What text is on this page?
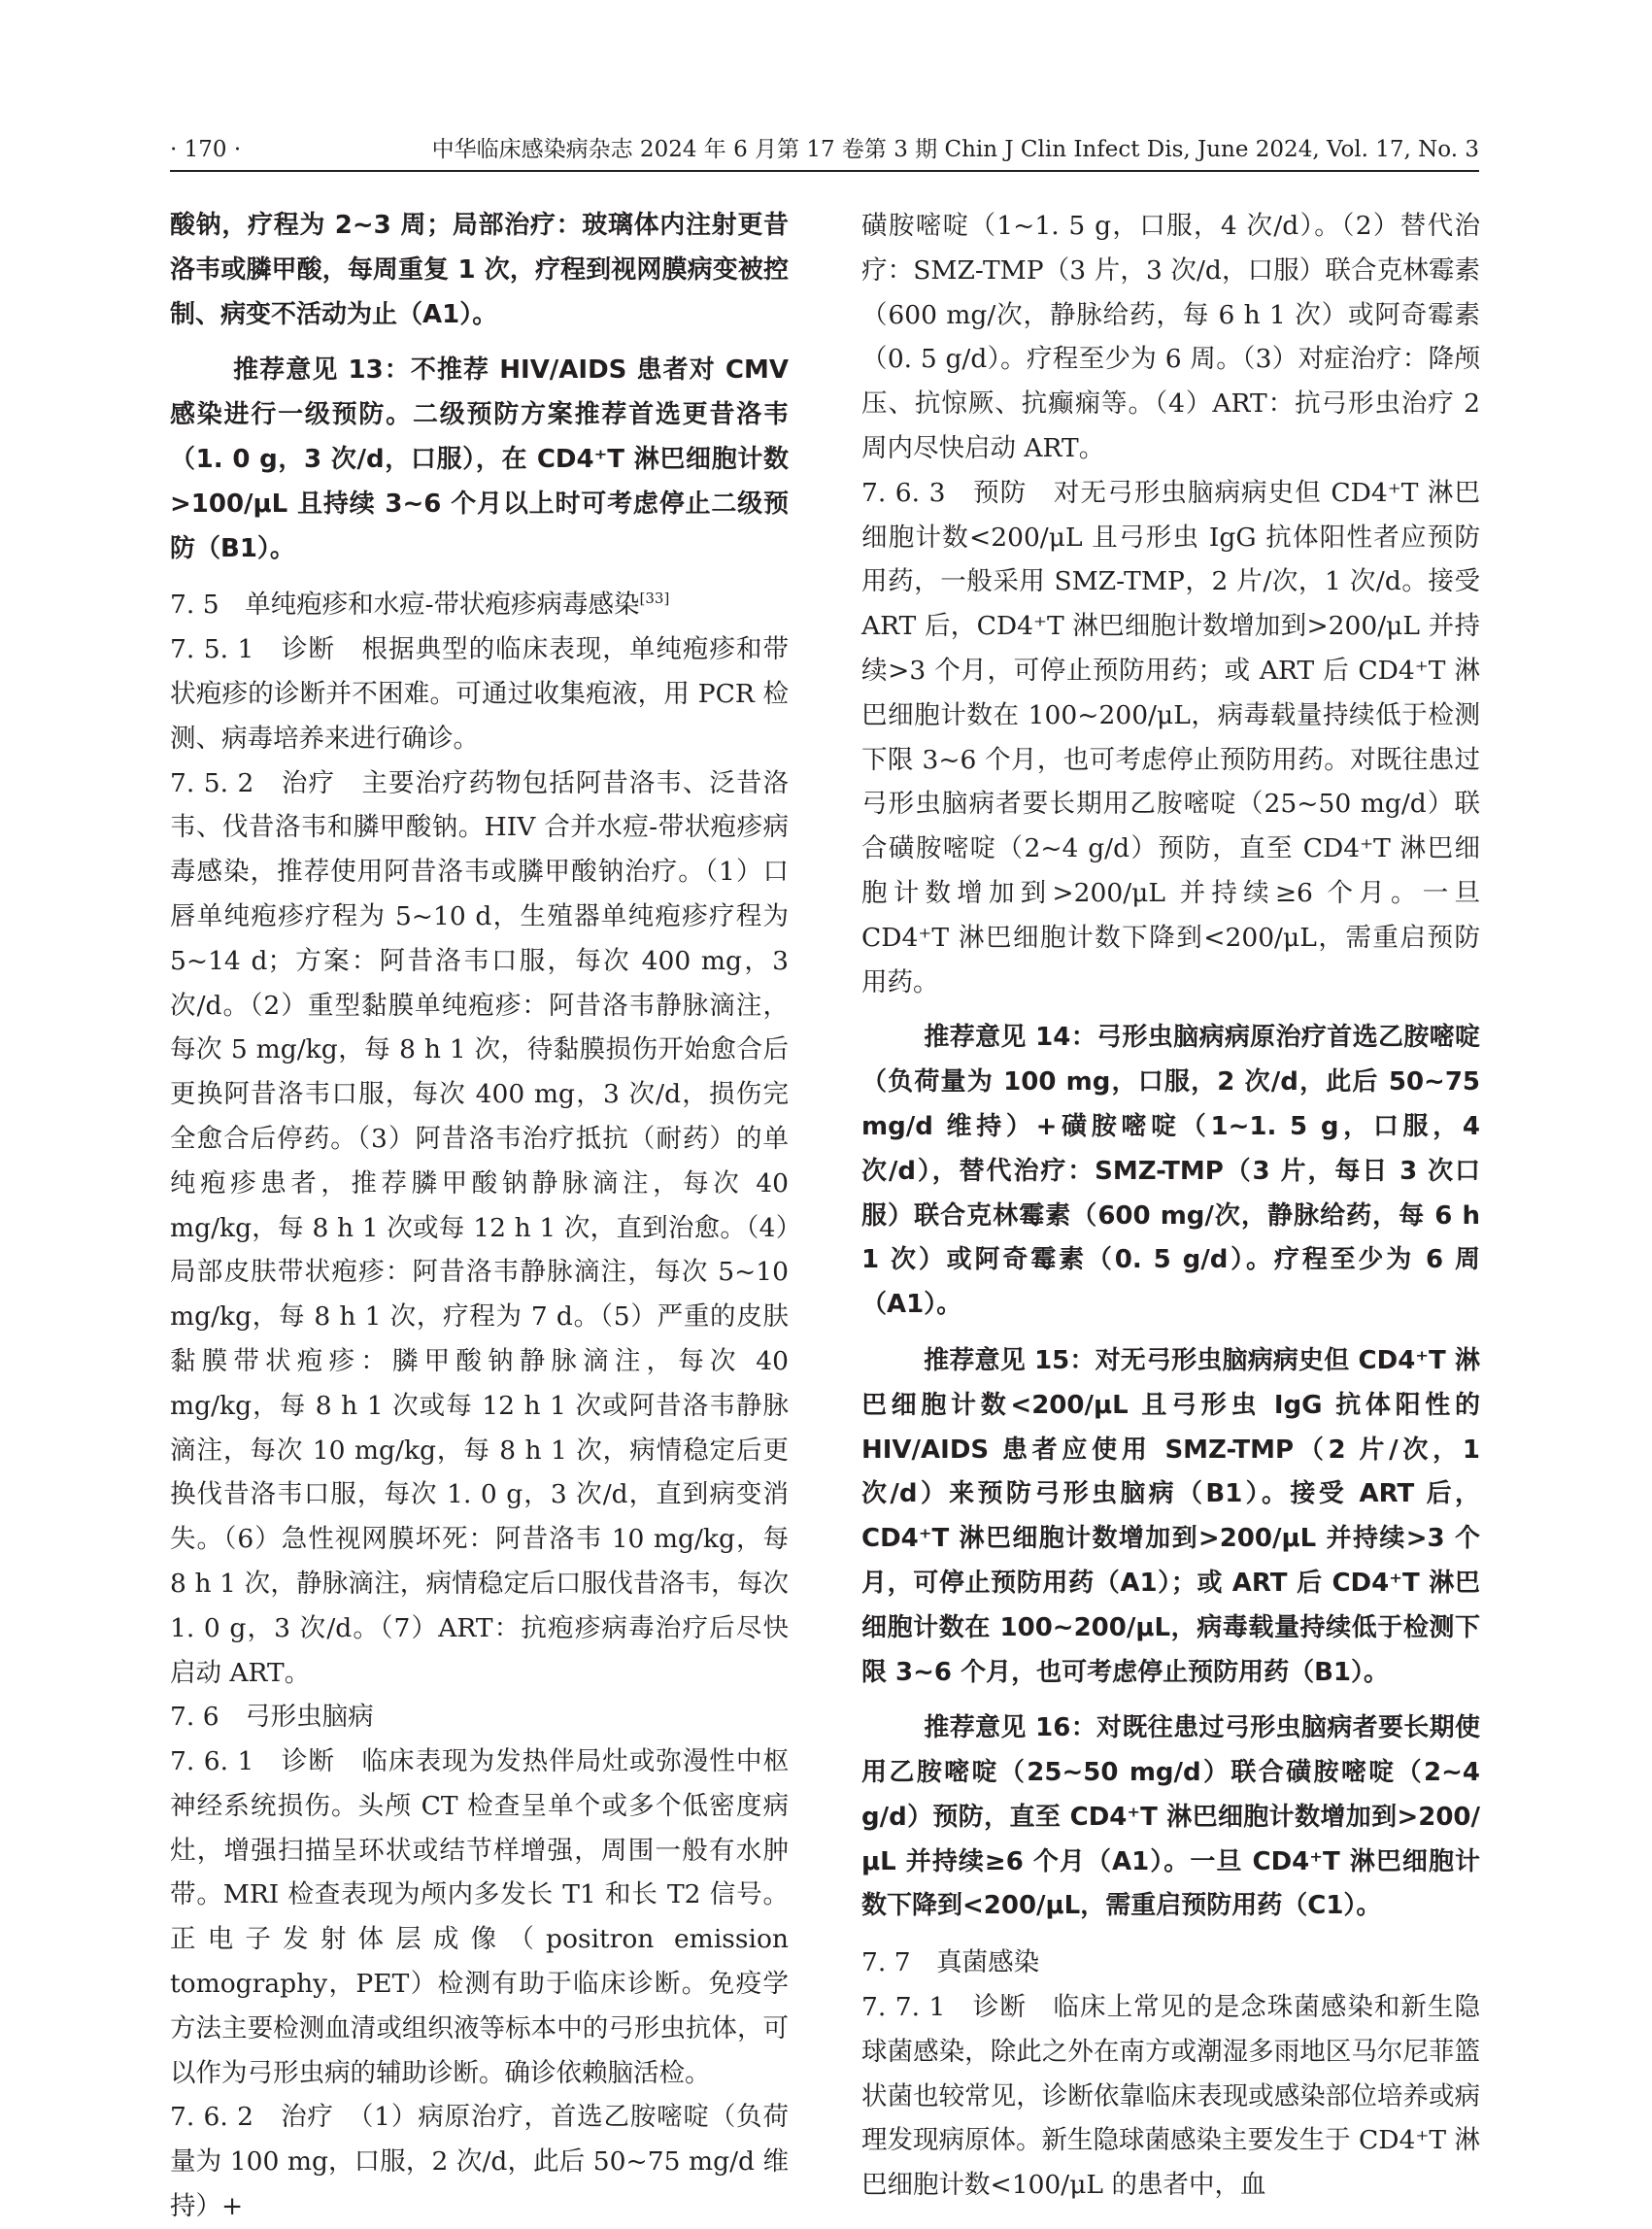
· 170 ·	中华临床感染病杂志 2024 年 6 月第 17 卷第 3 期 Chin J Clin Infect Dis, June 2024, Vol. 17, No. 3

酸钠，疗程为 2~3 周；局部治疗：玻璃体内注射更昔洛韦或膦甲酸，每周重复 1 次，疗程到视网膜病变被控制、病变不活动为止（A1）。

推荐意见 13：不推荐 HIV/AIDS 患者对 CMV 感染进行一级预防。二级预防方案推荐首选更昔洛韦（1. 0 g，3 次/d，口服），在 CD4⁺T 淋巴细胞计数>100/μL 且持续 3~6 个月以上时可考虑停止二级预防（B1）。

7. 5　单纯疱疹和水痘-带状疱疹病毒感染[33]

7. 5. 1　诊断　根据典型的临床表现，单纯疱疹和带状疱疹的诊断并不困难。可通过收集疱液，用 PCR 检测、病毒培养来进行确诊。

7. 5. 2　治疗　主要治疗药物包括阿昔洛韦、泛昔洛韦、伐昔洛韦和膦甲酸钠。HIV 合并水痘-带状疱疹病毒感染，推荐使用阿昔洛韦或膦甲酸钠治疗。（1）口唇单纯疱疹疗程为 5~10 d，生殖器单纯疱疹疗程为 5~14 d；方案：阿昔洛韦口服，每次 400 mg，3 次/d。（2）重型黏膜单纯疱疹：阿昔洛韦静脉滴注，每次 5 mg/kg，每 8 h 1 次，待黏膜损伤开始愈合后更换阿昔洛韦口服，每次 400 mg，3 次/d，损伤完全愈合后停药。（3）阿昔洛韦治疗抵抗（耐药）的单纯疱疹患者，推荐膦甲酸钠静脉滴注，每次 40 mg/kg，每 8 h 1 次或每 12 h 1 次，直到治愈。（4）局部皮肤带状疱疹：阿昔洛韦静脉滴注，每次 5~10 mg/kg，每 8 h 1 次，疗程为 7 d。（5）严重的皮肤黏膜带状疱疹：膦甲酸钠静脉滴注，每次 40 mg/kg，每 8 h 1 次或每 12 h 1 次或阿昔洛韦静脉滴注，每次 10 mg/kg，每 8 h 1 次，病情稳定后更换伐昔洛韦口服，每次 1. 0 g，3 次/d，直到病变消失。（6）急性视网膜坏死：阿昔洛韦 10 mg/kg，每 8 h 1 次，静脉滴注，病情稳定后口服伐昔洛韦，每次 1. 0 g，3 次/d。（7）ART：抗疱疹病毒治疗后尽快启动 ART。

7. 6　弓形虫脑病

7. 6. 1　诊断　临床表现为发热伴局灶或弥漫性中枢神经系统损伤。头颅 CT 检查呈单个或多个低密度病灶，增强扫描呈环状或结节样增强，周围一般有水肿带。MRI 检查表现为颅内多发长 T1 和长 T2 信号。正电子发射体层成像（positron emission tomography，PET）检测有助于临床诊断。免疫学方法主要检测血清或组织液等标本中的弓形虫抗体，可以作为弓形虫病的辅助诊断。确诊依赖脑活检。

7. 6. 2　治疗　（1）病原治疗，首选乙胺嘧啶（负荷量为 100 mg，口服，2 次/d，此后 50~75 mg/d 维持）+

磺胺嘧啶（1~1. 5 g，口服，4 次/d）。（2）替代治疗：SMZ-TMP（3 片，3 次/d，口服）联合克林霉素（600 mg/次，静脉给药，每 6 h 1 次）或阿奇霉素（0. 5 g/d）。疗程至少为 6 周。（3）对症治疗：降颅压、抗惊厥、抗癫痫等。（4）ART：抗弓形虫治疗 2 周内尽快启动 ART。

7. 6. 3　预防　对无弓形虫脑病病史但 CD4⁺T 淋巴细胞计数<200/μL 且弓形虫 IgG 抗体阳性者应预防用药，一般采用 SMZ-TMP，2 片/次，1 次/d。接受 ART 后，CD4⁺T 淋巴细胞计数增加到>200/μL 并持续>3 个月，可停止预防用药；或 ART 后 CD4⁺T 淋巴细胞计数在 100~200/μL，病毒载量持续低于检测下限 3~6 个月，也可考虑停止预防用药。对既往患过弓形虫脑病者要长期用乙胺嘧啶（25~50 mg/d）联合磺胺嘧啶（2~4 g/d）预防，直至 CD4⁺T 淋巴细胞计数增加到>200/μL 并持续≥6 个月。一旦 CD4⁺T 淋巴细胞计数下降到<200/μL，需重启预防用药。

推荐意见 14：弓形虫脑病病原治疗首选乙胺嘧啶（负荷量为 100 mg，口服，2 次/d，此后 50~75 mg/d 维持）+磺胺嘧啶（1~1. 5 g，口服，4 次/d），替代治疗：SMZ-TMP（3 片，每日 3 次口服）联合克林霉素（600 mg/次，静脉给药，每 6 h 1 次）或阿奇霉素（0. 5 g/d）。疗程至少为 6 周（A1）。

推荐意见 15：对无弓形虫脑病病史但 CD4⁺T 淋巴细胞计数<200/μL 且弓形虫 IgG 抗体阳性的 HIV/AIDS 患者应使用 SMZ-TMP（2 片/次，1 次/d）来预防弓形虫脑病（B1）。接受 ART 后，CD4⁺T 淋巴细胞计数增加到>200/μL 并持续>3 个月，可停止预防用药（A1）；或 ART 后 CD4⁺T 淋巴细胞计数在 100~200/μL，病毒载量持续低于检测下限 3~6 个月，也可考虑停止预防用药（B1）。

推荐意见 16：对既往患过弓形虫脑病者要长期使用乙胺嘧啶（25~50 mg/d）联合磺胺嘧啶（2~4 g/d）预防，直至 CD4⁺T 淋巴细胞计数增加到>200/μL 并持续≥6 个月（A1）。一旦 CD4⁺T 淋巴细胞计数下降到<200/μL，需重启预防用药（C1）。

7. 7　真菌感染

7. 7. 1　诊断　临床上常见的是念珠菌感染和新生隐球菌感染，除此之外在南方或潮湿多雨地区马尔尼菲篮状菌也较常见，诊断依靠临床表现或感染部位培养或病理发现病原体。新生隐球菌感染主要发生于 CD4⁺T 淋巴细胞计数<100/μL 的患者中，血
